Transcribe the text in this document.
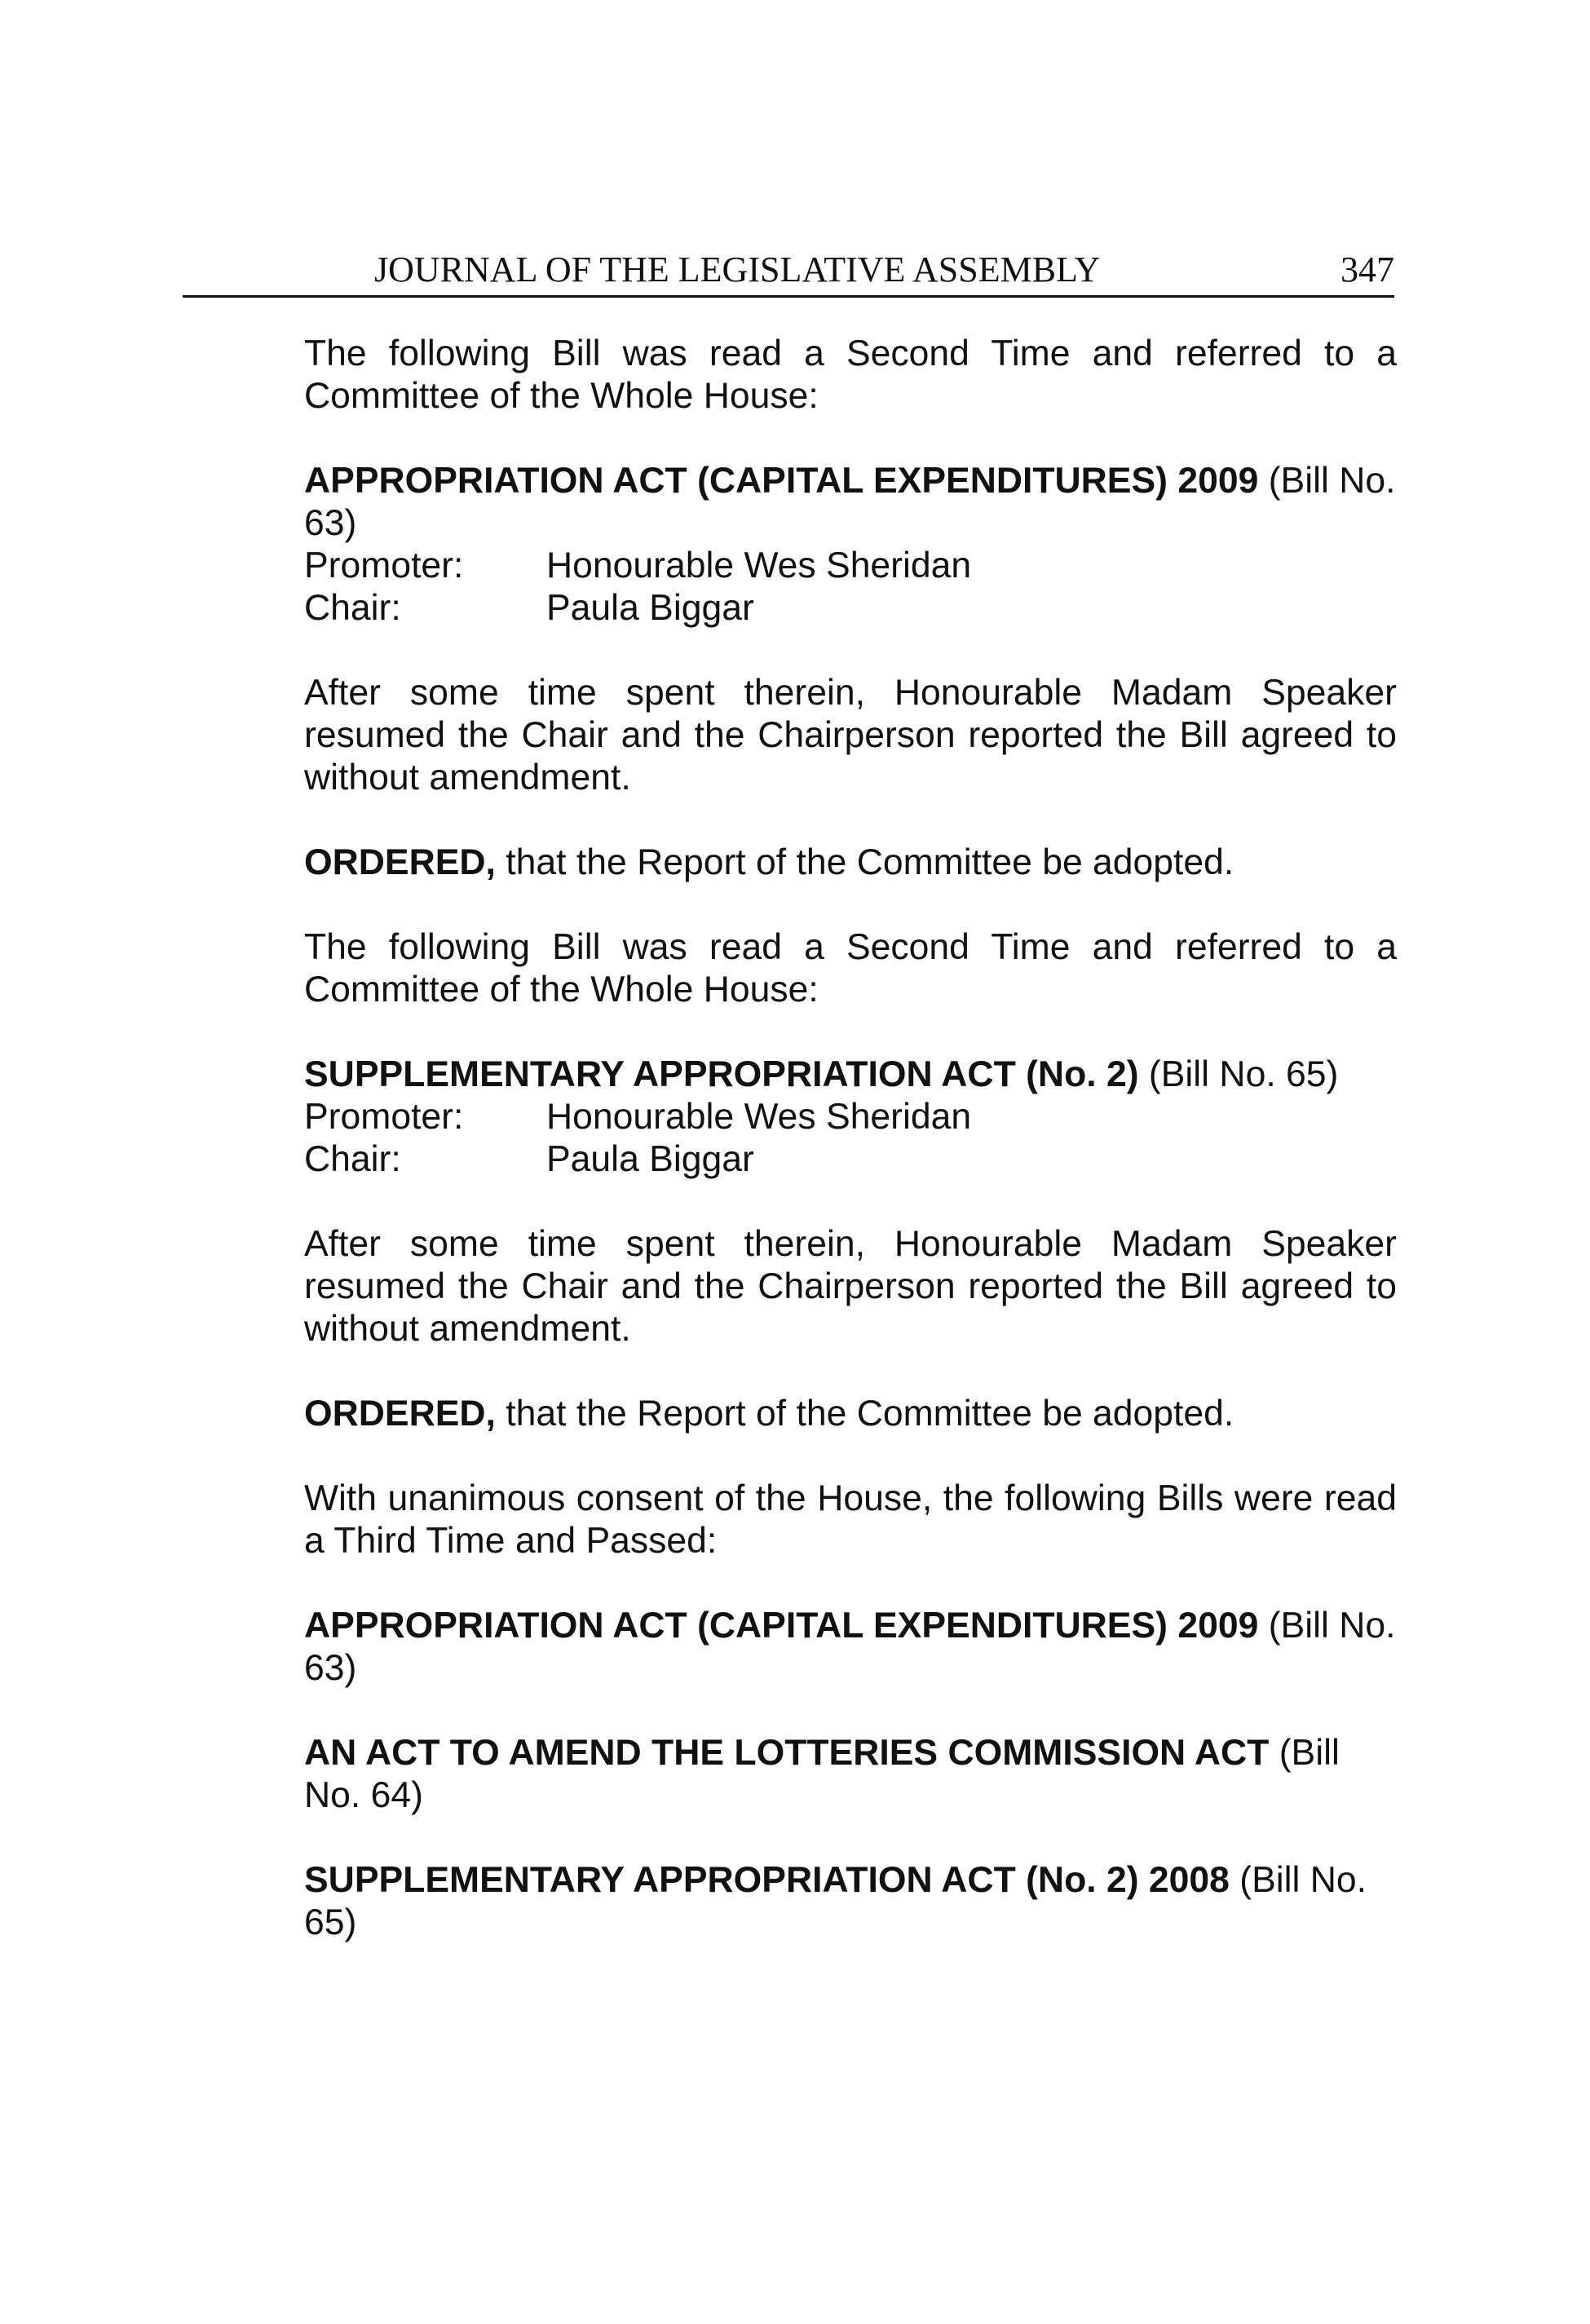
JOURNAL OF THE LEGISLATIVE ASSEMBLY	347

The following Bill was read a Second Time and referred to a Committee of the Whole House:

APPROPRIATION ACT (CAPITAL EXPENDITURES) 2009 (Bill No. 63)

Promoter:	Honourable Wes Sheridan
Chair:	Paula Biggar

After some time spent therein, Honourable Madam Speaker resumed the Chair and the Chairperson reported the Bill agreed to without amendment.

ORDERED, that the Report of the Committee be adopted.

The following Bill was read a Second Time and referred to a Committee of the Whole House:

SUPPLEMENTARY APPROPRIATION ACT (No. 2) (Bill No. 65)

Promoter:	Honourable Wes Sheridan
Chair:	Paula Biggar

After some time spent therein, Honourable Madam Speaker resumed the Chair and the Chairperson reported the Bill agreed to without amendment.

ORDERED, that the Report of the Committee be adopted.

With unanimous consent of the House, the following Bills were read a Third Time and Passed:

APPROPRIATION ACT (CAPITAL EXPENDITURES) 2009 (Bill No. 63)

AN ACT TO AMEND THE LOTTERIES COMMISSION ACT (Bill No. 64)

SUPPLEMENTARY APPROPRIATION ACT (No. 2) 2008 (Bill No. 65)
